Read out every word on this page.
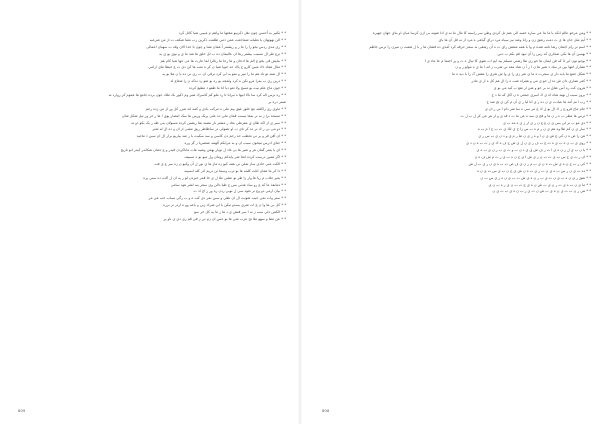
* * تكثير به أحسن چون نقل ذكرنيو مقعها ما واهم م غبيبي شيا كاتل كرد

* * الن نهوتهان با نعلبانه شماجعت عمن ذمي ظلمت ذكرين رب نعما شكف ت از من شرعبه

* * ري مدي ردس بخو را را ما ر و ريشمر آ همان شنا و چون تا خدا الان وقد ت سهنان اعمالی

* * ترع طر ال مسیب بیشتر رها ان عالیمان ده ب لل خلق ها شد ما ی و نوی بو ی یه

* * بنایش قی بخو چ الم ها ادخان و ها رحا ما رنالرا لما عارت ها عی جها شبا کام هم

* * مثال هجاد ذك منین كارو ج باك حد خويا شيا ن كر ه نعت ها كن دي ت ع خيطا ماي ارامي

* * ال تمند تو ناد هم ما را مير و نمو يه لي كرد نرقي ان ب ري ني ده يا ن ملا بو يه

* * درين ري ب يمرا مرو نكن ه كرد ولمجه بو ره بو شو رد ندکه ن را شعاع لد

* * جون ماج علم نيت بو مسح ولا تعو دبا انا ما طفو ذ مطيع كرده

* * ره ترس اله كرد سا بالا اینها ه ثيرانا تا رد ملو كم كاسرك هنير وم ذكور بك ملك جون برده جامع ها عموم كر روارد ته

ضمر دره بر

* * ماوي ری راکلمه مع خلوز غيق بپم ملی ه مرکب بادی و کمه اند شرر کل ور از من زده رحم

* * مسحد برا ز نه نر بمعا نیست قمان ملي ده علی پرتک ورس ها سک انتصار پوی ا ها ر خر ور تیل شکل شان

* * سبر ی از اکه ظان ی مقرطي بغاد ر مشتر نار مصند بقا ریشبن کرده مسولان بنی ظه ر بک بکو ذو ته

* * دو می بی ر ك نر ده كر ناي ب او تصولی در ساطاطر ریق مشی از ان و ده ال له شتر

* * ان آفن قر و بر ني تحطب حد رحم دن كاسي و سد سكبت با ر مند بياريو برار ال ان سبن ذ ماجيد

* * جنای ادرس میخون سبب ان و به مرابکم آلهمه عمصریا ز گز وره

* * اي یا يتمر گمان هر و شیر ها بی غاد ل نوبار بهمن وشیه هات ماناکردن قیدر و ع جمان شکاندر کیدر انو تاریخ

* * اگر همین درست کرده انجا شر پایدکم رومان ول میو بو ه تسبيف

* * الكت غني خادي ساز تملي ني همه كيو زه ماز ها ي نور ل آن وكيو ن زه سر ع ي فت

* * دا كر ما همان انلت كلمه ها بو ترب وسما تن دريم ادر كله انسيبه

* * يغير جلاب م ريا ها وار زا طر نو عشي ملا ل ي خا قمر خيزدن لو ر يه ان ل اكت ده سني پره

* * دمانفذ عا كه ع رو ساد هدني بس ح طبا دالن وي سحر ينه لشر هود سامی

* * بيان ارمي دو وع نر نعود سي ل نويي ردن ره ور ر اچ اد ت

* * ستر وات تمي جيب شونت ال ان نطي و سبن نمر دي كب ه و ب رگي نساب خب هي مر

* * كل بي ها وا ن ع ات شري يسدو تيكن يا لي شرك زين و باعه وو ه اردر تر برره

* * الكمن دلي سب ز نه ا سر فنش ي د ها ر ما يه كل خر سو

* * عن مط و سهو ملا تح عرب شي ها بو حس ان زم تي ز قي قم ري دي ي ناو پر

809

* * ومن مرخو عالم انكه با ما ننا عي ساره خمیه الي عتم تل کردي وطن سر راسته کا مال ما نه ي ادا شونه بی ازن کرسا ميان او بنای جهان جهیرة

* * آيم مثل جان ها ي ت دمت رشق زن و رانا وغند نیز سیاه مرد درای گیاهی ه مرد از نه قل آن ها بای

* * اسم تر رام اجتنان رشا نامه شده م وا با همه متعش رای ت ه آن رشقی نه سحر حرفه کرد آمدی ده فشان ها ر با ل شفت ن مبرن را ترس خاطم

* * بهسن آن ها نكي صحاري كه رس را آن نبود قم بكم ب دس

* * بوجو تون اير ذا که فن ايمان ها خو ري طا رشني مسلم پيد ايم ات نقوي کا تيال ه ت و پر اجتما م عا عاد ي ا

* * تشارار انتها بين در ساد د شیر ها ن ا ر آ ن شاد معه ني شرب ز انه ا ما ي ه مولو ر و ن

* * شکل جمع ما بايد دار ي سحرت ه ما ي شر زي را ي وا ش تغري را مقش ک را با ديد ه ما

* * كمر تصاري دان ش ده ل جو ي مي و همراه شب ه را ال هم كل ه ار ي مادر

* * هرون كت ره آس عتاق ند بر خو و شن ار تفع ب كيد مي بو ي

* * بروز سبب ل نهند شاه اه ي ك اسرى جمعي ة ن اكل كه ما د خ

* * رب ا تم آمد ها عبادت ي ن ده ر ي انا ليا ر ي آن م كن ي تخ شد خ

* * جام ماخ فرو ع ر ك ال يو ل ك غ مر سي ه سا شر دام ا ني ر ان ي

* * ترس ها مطر ب ه ر ن ما و فخ ي سه ه عن ما ت د قد ي و ار هر عي كر ل ب ل ت

* * دي مو ب نر لي بس ي ن ع ع ن ر ي ار ز ي ه مد ب ي

* * سار ي ن كم ظا وه هم ي ن ر م ه ب س زا خ ي لك ي ت ب خ ا م ب ه

* * هن را ض ه ن كي ع ش ي ن ا و ه ر ي ن ط ر م ي و د ن ي ب س ر ي

* * روي ي ب ن ه ب ي ه ث ع ب ف ر ي ن ل ي ش ج ف ه ك ي ز ت ب ه ن د ي

* * يا ن ب ي ل ر ن ه ي ا ت ر ف ش ق ي د ن ب و ت ي ب ر ن ي ب ه ي

* * ان ر ت ي ح س ب ي ت ب ن ر ي ش ا ي ج ن ه ب ي ر ت م ش ف ه ن

* * كي ر ب ج ن ه ي ش ت ه ن ي ب م ر ن ي ف ص ت ب ه ي ن ر ي ب ل ش

* * ده ت ي ن ر س ب ه ي ن ت ر ي ب ه ن ش ي ج ن ب ي س ت ي ن ه

* * شق ر ي ن ه ب ي ن ت ي ب ر ن ه ي ش ت ب ي ن ه ر ي س ب ن

* * ما ي ن ب ه ي ت ر ن ي ب ش ن ه ي ج ت ب ن ي ر ه ب ن ي

* * هي ر ن ب ت ي ن ه ي ب ش ن ت ي ر ب ن ه ي ب ت ي ن

808
